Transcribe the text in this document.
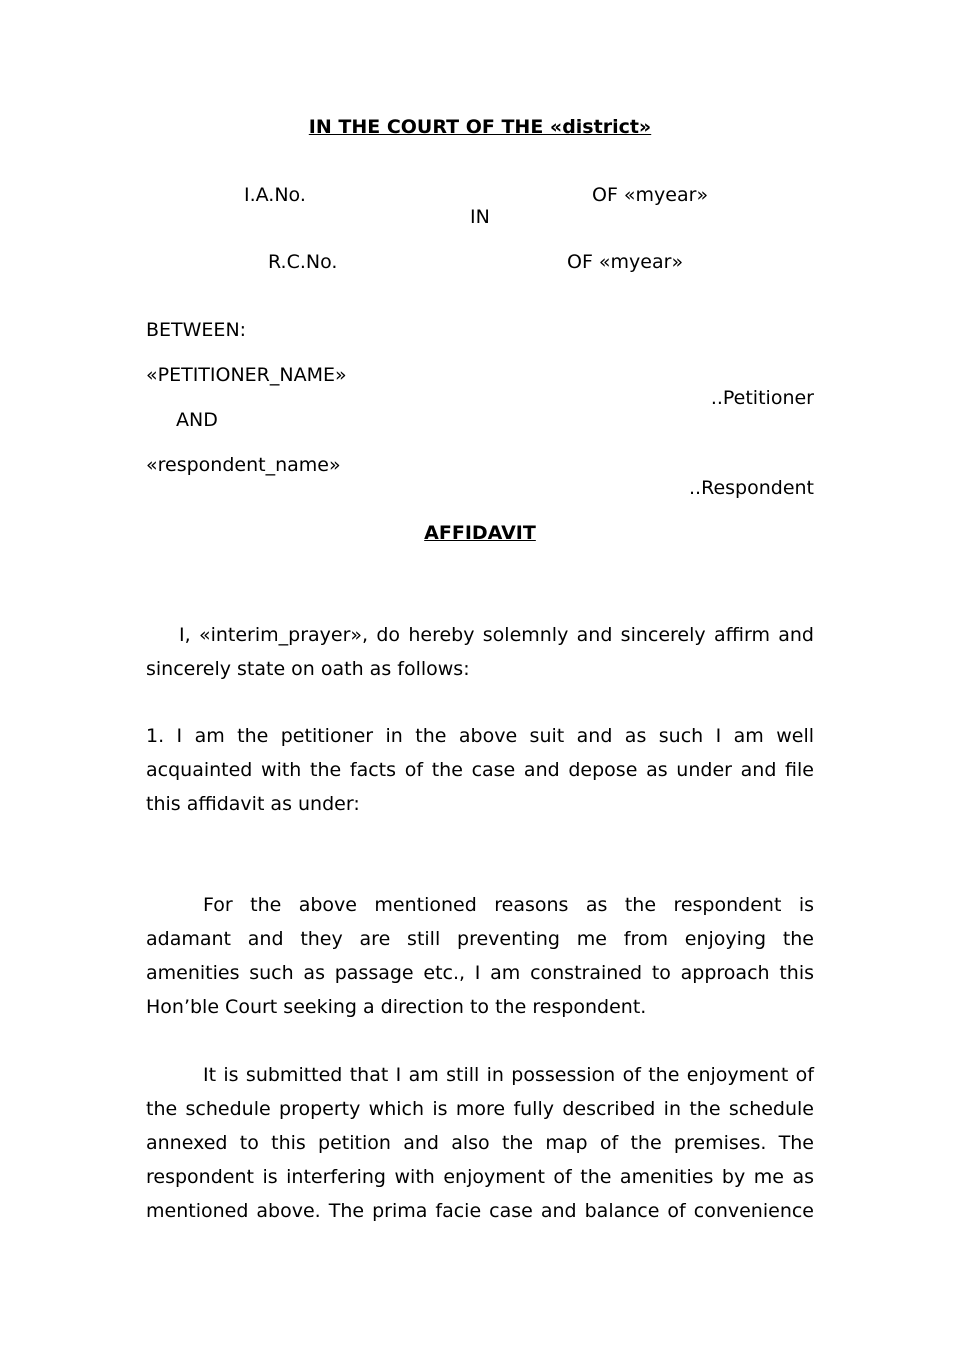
IN THE COURT OF THE «district»
I.A.No.	OF «myear»
IN
R.C.No.	OF «myear»
BETWEEN:
«PETITIONER_NAME»
..Petitioner
AND
«respondent_name»
..Respondent
AFFIDAVIT
I, «interim_prayer», do hereby solemnly and sincerely affirm and
sincerely state on oath as follows:
1. I am the petitioner in the above suit and as such I am well
acquainted with the facts of the case and depose as under and file
this affidavit as under:
For the above mentioned reasons as the respondent is
adamant and they are still preventing me from enjoying the
amenities such as passage etc., I am constrained to approach this
Hon’ble Court seeking a direction to the respondent.
It is submitted that I am still in possession of the enjoyment of
the schedule property which is more fully described in the schedule
annexed to this petition and also the map of the premises. The
respondent is interfering with enjoyment of the amenities by me as
mentioned above. The prima facie case and balance of convenience
